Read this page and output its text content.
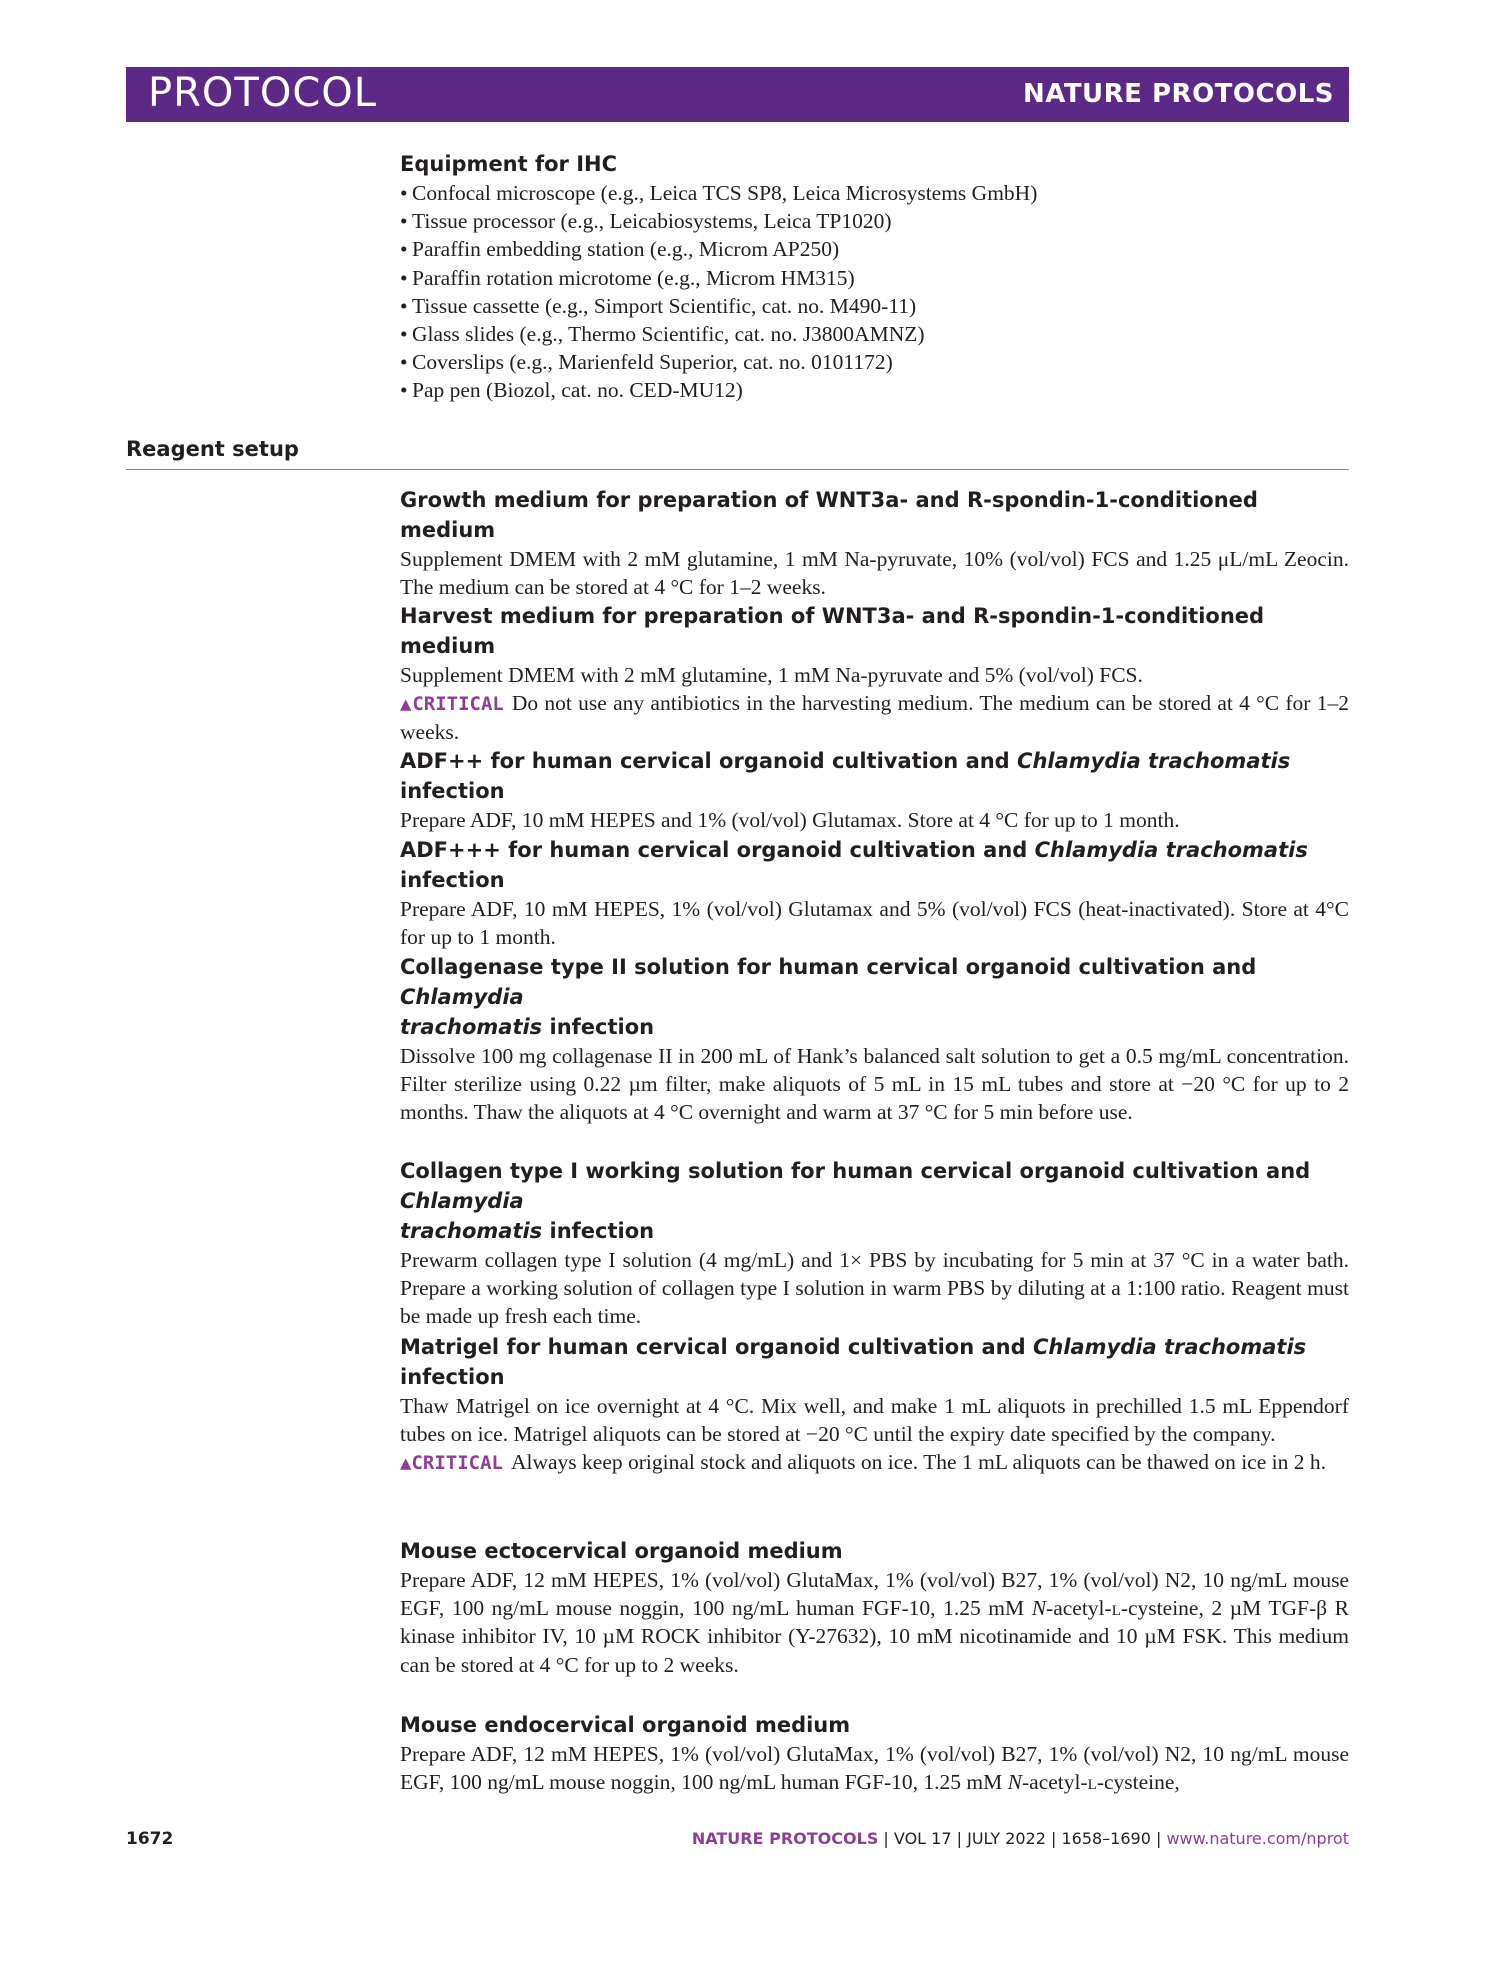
PROTOCOL	NATURE PROTOCOLS
Equipment for IHC
• Confocal microscope (e.g., Leica TCS SP8, Leica Microsystems GmbH)
• Tissue processor (e.g., Leicabiosystems, Leica TP1020)
• Paraffin embedding station (e.g., Microm AP250)
• Paraffin rotation microtome (e.g., Microm HM315)
• Tissue cassette (e.g., Simport Scientific, cat. no. M490-11)
• Glass slides (e.g., Thermo Scientific, cat. no. J3800AMNZ)
• Coverslips (e.g., Marienfeld Superior, cat. no. 0101172)
• Pap pen (Biozol, cat. no. CED-MU12)
Reagent setup
Growth medium for preparation of WNT3a- and R-spondin-1-conditioned medium
Supplement DMEM with 2 mM glutamine, 1 mM Na-pyruvate, 10% (vol/vol) FCS and 1.25 μL/mL Zeocin. The medium can be stored at 4 °C for 1–2 weeks.
Harvest medium for preparation of WNT3a- and R-spondin-1-conditioned medium
Supplement DMEM with 2 mM glutamine, 1 mM Na-pyruvate and 5% (vol/vol) FCS.
▲CRITICAL Do not use any antibiotics in the harvesting medium. The medium can be stored at 4 °C for 1–2 weeks.
ADF++ for human cervical organoid cultivation and Chlamydia trachomatis infection
Prepare ADF, 10 mM HEPES and 1% (vol/vol) Glutamax. Store at 4 °C for up to 1 month.
ADF+++ for human cervical organoid cultivation and Chlamydia trachomatis infection
Prepare ADF, 10 mM HEPES, 1% (vol/vol) Glutamax and 5% (vol/vol) FCS (heat-inactivated). Store at 4°C for up to 1 month.
Collagenase type II solution for human cervical organoid cultivation and Chlamydia
trachomatis infection
Dissolve 100 mg collagenase II in 200 mL of Hank’s balanced salt solution to get a 0.5 mg/mL concentration. Filter sterilize using 0.22 µm filter, make aliquots of 5 mL in 15 mL tubes and store at −20 °C for up to 2 months. Thaw the aliquots at 4 °C overnight and warm at 37 °C for 5 min before use.
Collagen type I working solution for human cervical organoid cultivation and Chlamydia
trachomatis infection
Prewarm collagen type I solution (4 mg/mL) and 1× PBS by incubating for 5 min at 37 °C in a water bath. Prepare a working solution of collagen type I solution in warm PBS by diluting at a 1:100 ratio. Reagent must be made up fresh each time.
Matrigel for human cervical organoid cultivation and Chlamydia trachomatis infection
Thaw Matrigel on ice overnight at 4 °C. Mix well, and make 1 mL aliquots in prechilled 1.5 mL Eppendorf tubes on ice. Matrigel aliquots can be stored at −20 °C until the expiry date specified by the company.
▲CRITICAL Always keep original stock and aliquots on ice. The 1 mL aliquots can be thawed on ice in 2 h.
Mouse ectocervical organoid medium
Prepare ADF, 12 mM HEPES, 1% (vol/vol) GlutaMax, 1% (vol/vol) B27, 1% (vol/vol) N2, 10 ng/mL mouse EGF, 100 ng/mL mouse noggin, 100 ng/mL human FGF-10, 1.25 mM N-acetyl-l-cysteine, 2 µM TGF-β R kinase inhibitor IV, 10 µM ROCK inhibitor (Y-27632), 10 mM nicotinamide and 10 µM FSK. This medium can be stored at 4 °C for up to 2 weeks.
Mouse endocervical organoid medium
Prepare ADF, 12 mM HEPES, 1% (vol/vol) GlutaMax, 1% (vol/vol) B27, 1% (vol/vol) N2, 10 ng/mL mouse EGF, 100 ng/mL mouse noggin, 100 ng/mL human FGF-10, 1.25 mM N-acetyl-l-cysteine,
1672	NATURE PROTOCOLS | VOL 17 | JULY 2022 | 1658–1690 | www.nature.com/nprot
